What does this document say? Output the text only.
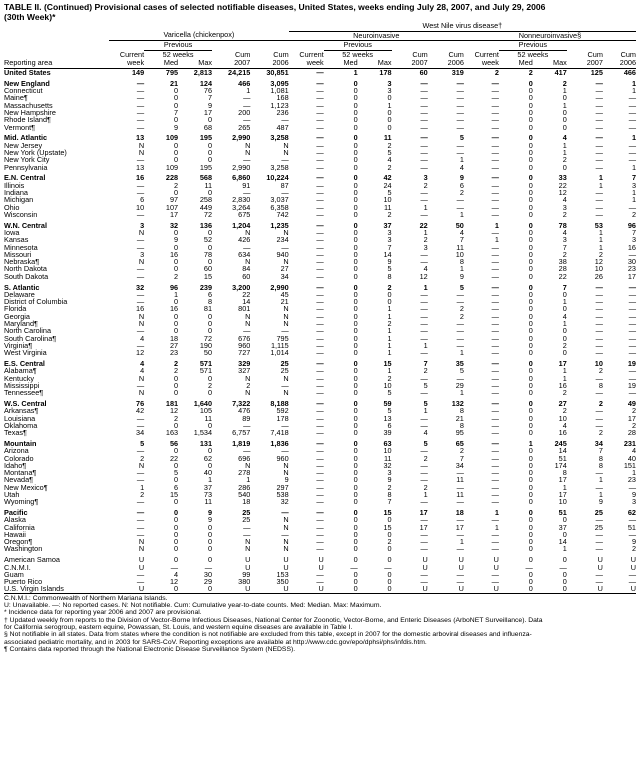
TABLE II. (Continued) Provisional cases of selected notifiable diseases, United States, weeks ending July 28, 2007, and July 29, 2006
(30th Week)*
						West Nile virus disease†									
	Varicella (chickenpox)					Neuroinvasive					Nonneuroinvasive§				
		Previous					Previous					Previous			
	Current	52 weeks		Cum	Cum	Current	52 weeks		Cum	Cum	Current	52 weeks		Cum	Cum
Reporting area	week	Med	Max	2007	2006	week	Med	Max	2007	2006	week	Med	Max	2007	2006
United States	149	795	2,813	24,215	30,851	—	1	178	60	319	2	2	417	125	466
New England	—	21	124	466	3,095	—	0	3	—	—	—	0	2	—	1
Connecticut	—	0	76	1	1,081	—	0	3	—	—	—	0	1	—	1
Maine¶	—	0	7	—	168	—	0	0	—	—	—	0	0	—	—
Massachusetts	—	0	9	—	1,123	—	0	1	—	—	—	0	1	—	—
New Hampshire	—	7	17	200	236	—	0	0	—	—	—	0	0	—	—
Rhode Island¶	—	0	0	—	—	—	0	0	—	—	—	0	0	—	—
Vermont¶	—	9	68	265	487	—	0	0	—	—	—	0	0	—	—
Mid. Atlantic	13	109	195	2,990	3,258	—	0	11	—	5	—	0	4	—	1
New Jersey	N	0	0	N	N	—	0	2	—	—	—	0	1	—	—
New York (Upstate)	N	0	0	N	N	—	0	5	—	—	—	0	1	—	—
New York City	—	0	0	—	—	—	0	4	—	1	—	0	2	—	—
Pennsylvania	13	109	195	2,990	3,258	—	0	2	—	4	—	0	0	—	1
E.N. Central	16	228	568	6,860	10,224	—	0	42	3	9	—	0	33	1	7
Illinois	—	2	11	91	87	—	0	24	2	6	—	0	22	1	3
Indiana	—	0	0	—	—	—	0	5	—	2	—	0	12	—	1
Michigan	6	97	258	2,830	3,037	—	0	10	—	—	—	0	4	—	1
Ohio	10	107	449	3,264	6,358	—	0	11	1	—	—	0	3	—	—
Wisconsin	—	17	72	675	742	—	0	2	—	1	—	0	2	—	2
W.N. Central	3	32	136	1,204	1,235	—	0	37	22	50	1	0	78	53	96
Iowa	N	0	0	N	N	—	0	3	1	4	—	0	4	1	7
Kansas	—	9	52	426	234	—	0	3	2	7	1	0	3	1	3
Minnesota	—	0	0	—	—	—	0	7	3	11	—	0	7	1	16
Missouri	3	16	78	634	940	—	0	14	—	10	—	0	2	2	—
Nebraska¶	N	0	0	N	N	—	0	9	—	8	—	0	38	12	30
North Dakota	—	0	60	84	27	—	0	5	4	1	—	0	28	10	23
South Dakota	—	2	15	60	34	—	0	8	12	9	—	0	22	26	17
S. Atlantic	32	96	239	3,200	2,990	—	0	2	1	5	—	0	7	—	—
Delaware	—	1	6	22	45	—	0	0	—	—	—	0	0	—	—
District of Columbia	—	0	8	14	21	—	0	0	—	—	—	0	1	—	—
Florida	16	16	81	801	N	—	0	1	—	2	—	0	0	—	—
Georgia	N	0	0	N	N	—	0	1	—	2	—	0	4	—	—
Maryland¶	N	0	0	N	N	—	0	2	—	—	—	0	1	—	—
North Carolina	—	0	0	—	—	—	0	1	—	—	—	0	0	—	—
South Carolina¶	4	18	72	676	795	—	0	1	—	—	—	0	0	—	—
Virginia¶	—	27	190	960	1,115	—	0	1	1	—	—	0	2	—	—
West Virginia	12	23	50	727	1,014	—	0	1	—	1	—	0	0	—	—
E.S. Central	4	2	571	329	25	—	0	15	7	35	—	0	17	10	19
Alabama¶	4	2	571	327	25	—	0	1	2	5	—	0	1	2	—
Kentucky	N	0	0	N	N	—	0	2	—	—	—	0	1	—	—
Mississippi	—	0	2	2	—	—	0	10	5	29	—	0	16	8	19
Tennessee¶	N	0	0	N	N	—	0	5	—	1	—	0	2	—	—
W.S. Central	76	181	1,640	7,322	8,188	—	0	59	5	132	—	0	27	2	49
Arkansas¶	42	12	105	476	592	—	0	5	1	8	—	0	2	—	2
Louisiana	—	2	11	89	178	—	0	13	—	21	—	0	10	—	17
Oklahoma	—	0	0	—	—	—	0	6	—	8	—	0	4	—	2
Texas¶	34	163	1,534	6,757	7,418	—	0	39	4	95	—	0	16	2	28
Mountain	5	56	131	1,819	1,836	—	0	63	5	65	—	1	245	34	231
Arizona	—	0	0	—	—	—	0	10	—	2	—	0	14	7	4
Colorado	2	22	62	696	960	—	0	11	2	7	—	0	51	8	40
Idaho¶	N	0	0	N	N	—	0	32	—	34	—	0	174	8	151
Montana¶	—	5	40	278	N	—	0	3	—	—	—	0	8	—	1
Nevada¶	—	0	1	1	9	—	0	9	—	11	—	0	17	1	23
New Mexico¶	1	6	37	286	297	—	0	2	2	—	—	0	1	—	—
Utah	2	15	73	540	538	—	0	8	1	11	—	0	17	1	9
Wyoming¶	—	0	11	18	32	—	0	7	—	—	—	0	10	9	3
Pacific	—	0	9	25	—	—	0	15	17	18	1	0	51	25	62
Alaska	—	0	9	25	N	—	0	0	—	—	—	0	0	—	—
California	—	0	0	—	N	—	0	15	17	17	1	0	37	25	51
Hawaii	—	0	0	—	—	—	0	0	—	—	—	0	0	—	—
Oregon¶	N	0	0	N	N	—	0	2	—	1	—	0	14	—	9
Washington	N	0	0	N	N	—	0	0	—	—	—	0	1	—	2
American Samoa	U	0	0	U	U	U	0	0	U	U	U	0	0	U	U
C.N.M.I.	U	—	—	U	U	U	—	—	U	U	U	—	—	U	U
Guam	—	4	30	99	153	—	0	0	—	—	—	0	0	—	—
Puerto Rico	—	12	29	380	350	—	0	0	—	—	—	0	0	—	—
U.S. Virgin Islands	U	0	0	U	U	U	0	0	U	U	U	0	0	U	U
C.N.M.I.: Commonwealth of Northern Mariana Islands.
U: Unavailable. —: No reported cases. N: Not notifiable. Cum: Cumulative year-to-date counts. Med: Median. Max: Maximum.
* Incidence data for reporting year 2006 and 2007 are provisional.
† Updated weekly from reports to the Division of Vector-Borne Infectious Diseases, National Center for Zoonotic, Vector-Borne, and Enteric Diseases (ArboNET Surveillance). Data
for California serogroup, eastern equine, Powassan, St. Louis, and western equine diseases are available in Table I.
§ Not notifiable in all states. Data from states where the condition is not notifiable are excluded from this table, except in 2007 for the domestic arboviral diseases and influenza-
associated pediatric mortality, and in 2003 for SARS-CoV. Reporting exceptions are available at http://www.cdc.gov/epo/dphsi/phs/infdis.htm.
¶ Contains data reported through the National Electronic Disease Surveillance System (NEDSS).
